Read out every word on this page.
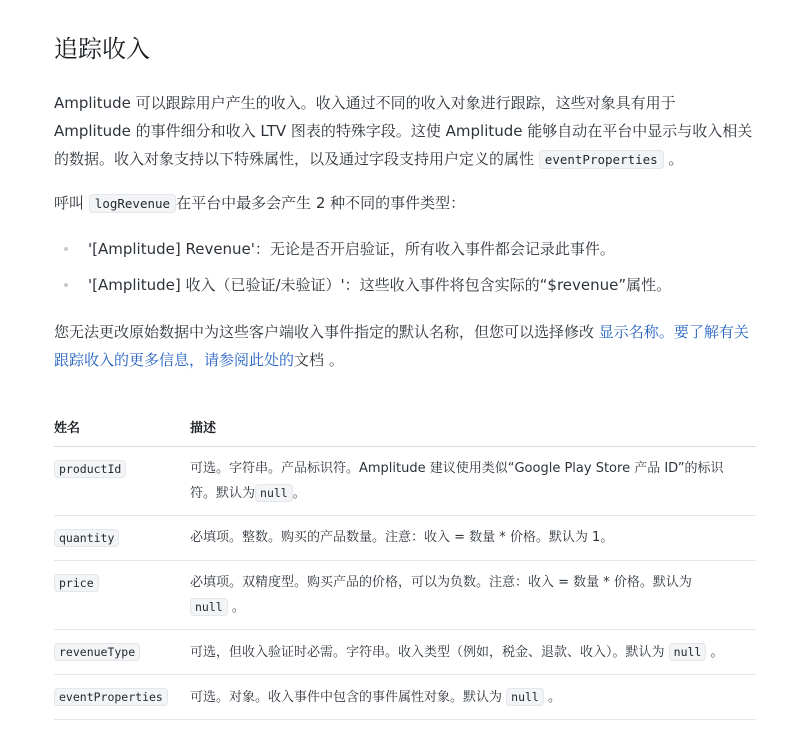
追踪收入

Amplitude 可以跟踪用户产生的收入。收入通过不同的收入对象进行跟踪，这些对象具有用于 Amplitude 的事件细分和收入 LTV 图表的特殊字段。这使 Amplitude 能够自动在平台中显示与收入相关的数据。收入对象支持以下特殊属性，以及通过字段支持用户定义的属性 eventProperties 。

呼叫 logRevenue 在平台中最多会产生 2 种不同的事件类型：

'[Amplitude] Revenue'：无论是否开启验证，所有收入事件都会记录此事件。
'[Amplitude] 收入（已验证/未验证）'：这些收入事件将包含实际的“$revenue”属性。

您无法更改原始数据中为这些客户端收入事件指定的默认名称，但您可以选择修改 显示名称。要了解有关跟踪收入的更多信息，请参阅此处的文档 。

姓名	描述
productId	可选。字符串。产品标识符。Amplitude 建议使用类似“Google Play Store 产品 ID”的标识符。默认为 null 。
quantity	必填项。整数。购买的产品数量。注意：收入 = 数量 * 价格。默认为 1。
price	必填项。双精度型。购买产品的价格，可以为负数。注意：收入 = 数量 * 价格。默认为 null 。
revenueType	可选，但收入验证时必需。字符串。收入类型（例如，税金、退款、收入）。默认为 null 。
eventProperties	可选。对象。收入事件中包含的事件属性对象。默认为 null 。
